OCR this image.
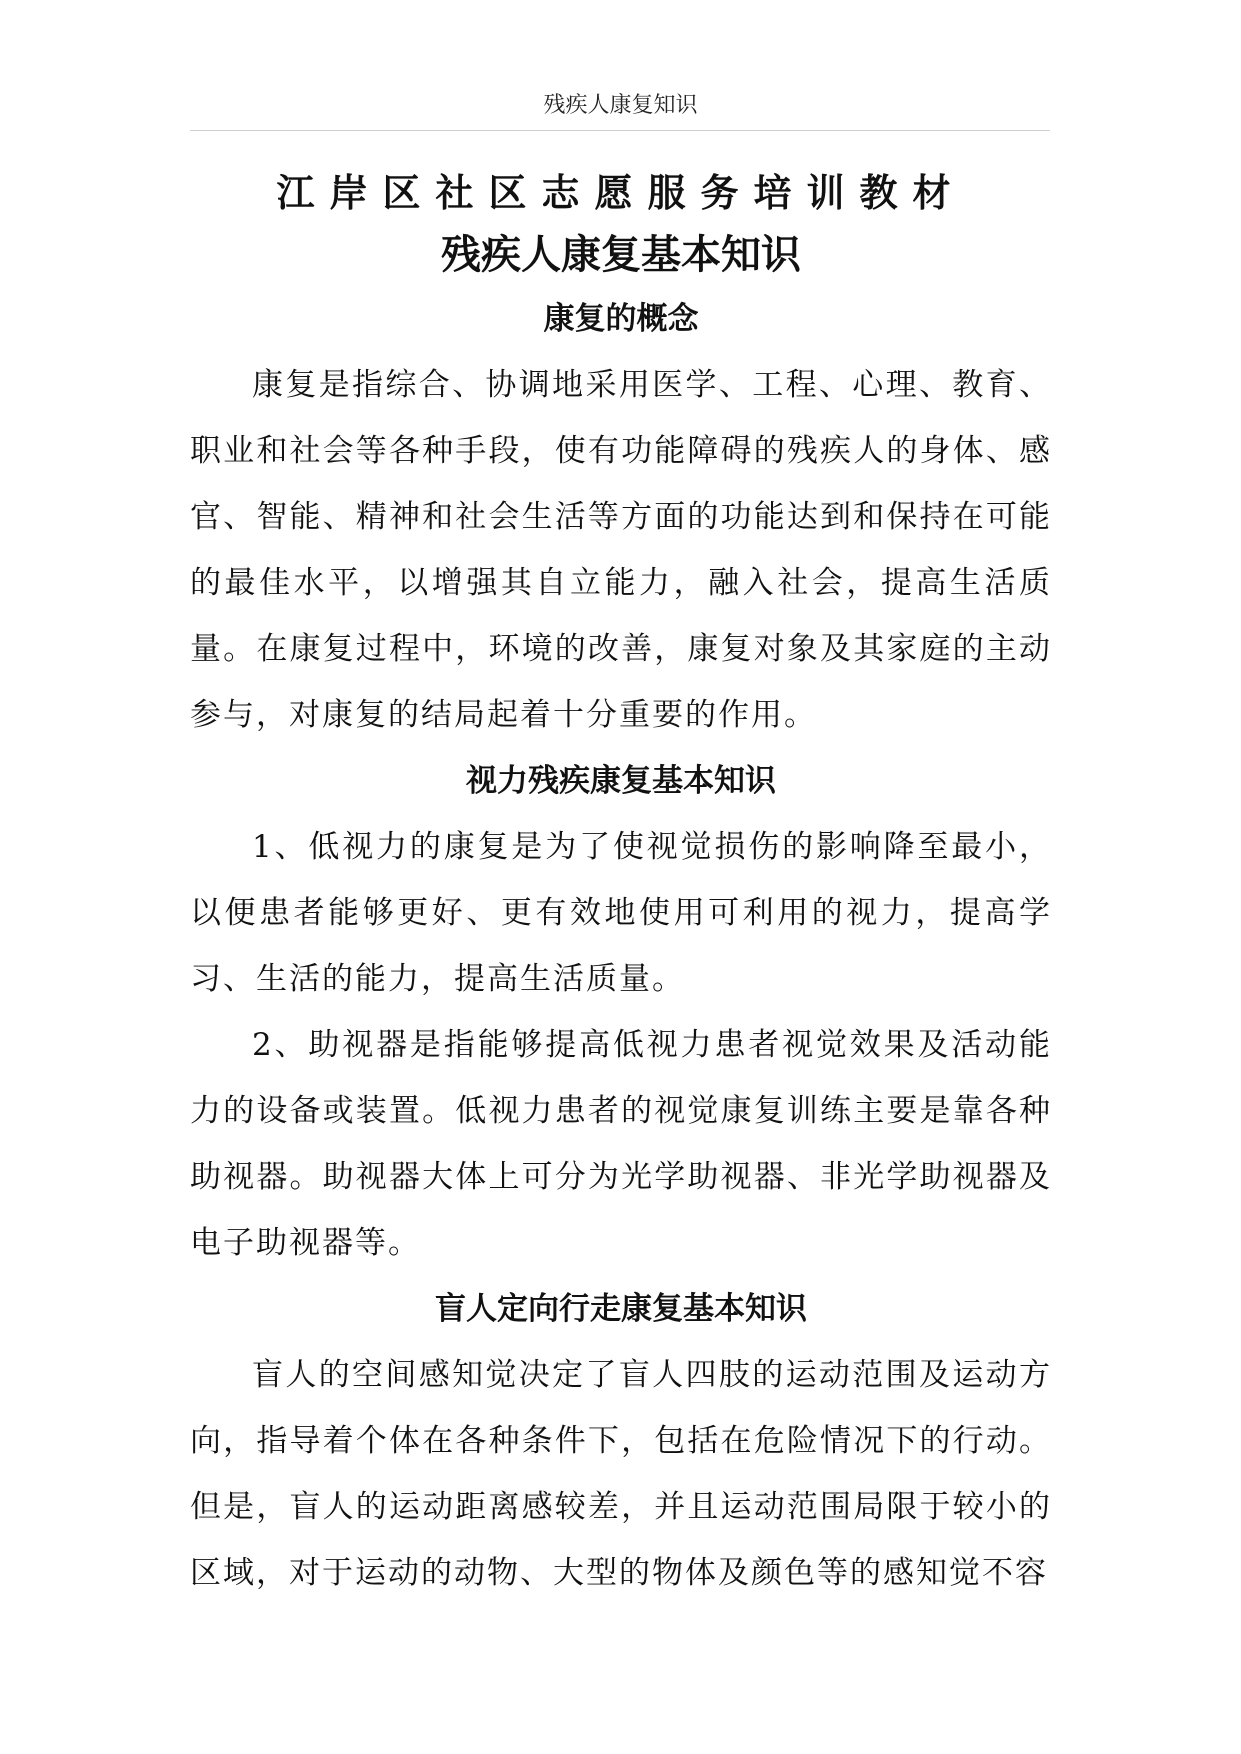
残疾人康复知识
江岸区社区志愿服务培训教材
残疾人康复基本知识
康复的概念

康复是指综合、协调地采用医学、工程、心理、教育、职业和社会等各种手段，使有功能障碍的残疾人的身体、感官、智能、精神和社会生活等方面的功能达到和保持在可能的最佳水平，以增强其自立能力，融入社会，提高生活质量。在康复过程中，环境的改善，康复对象及其家庭的主动参与，对康复的结局起着十分重要的作用。

视力残疾康复基本知识

1、低视力的康复是为了使视觉损伤的影响降至最小，以便患者能够更好、更有效地使用可利用的视力，提高学习、生活的能力，提高生活质量。

2、助视器是指能够提高低视力患者视觉效果及活动能力的设备或装置。低视力患者的视觉康复训练主要是靠各种助视器。助视器大体上可分为光学助视器、非光学助视器及电子助视器等。

盲人定向行走康复基本知识

盲人的空间感知觉决定了盲人四肢的运动范围及运动方向，指导着个体在各种条件下，包括在危险情况下的行动。但是，盲人的运动距离感较差，并且运动范围局限于较小的区域，对于运动的动物、大型的物体及颜色等的感知觉不容
